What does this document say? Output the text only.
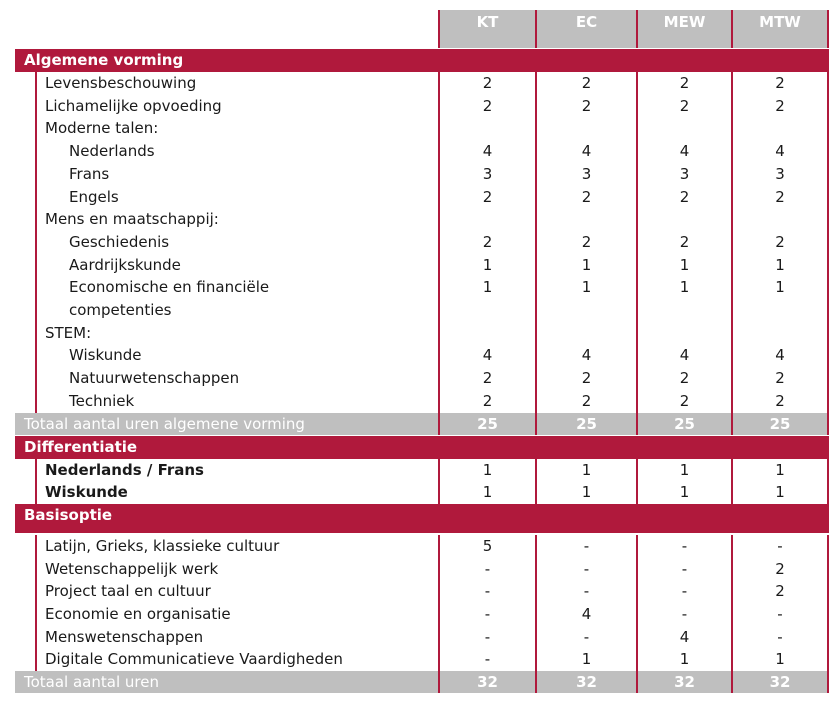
KT	EC	MEW	MTW
Algemene vorming
Levensbeschouwing	2	2	2	2
Lichamelijke opvoeding	2	2	2	2
Moderne talen:
Nederlands	4	4	4	4
Frans	3	3	3	3
Engels	2	2	2	2
Mens en maatschappij:
Geschiedenis	2	2	2	2
Aardrijkskunde	1	1	1	1
Economische en financiële	1	1	1	1
competenties
STEM:
Wiskunde	4	4	4	4
Natuurwetenschappen	2	2	2	2
Techniek	2	2	2	2
Totaal aantal uren algemene vorming	25	25	25	25
Differentiatie
Nederlands / Frans	1	1	1	1
Wiskunde	1	1	1	1
Basisoptie
Latijn, Grieks, klassieke cultuur	5	-	-	-
Wetenschappelijk werk	-	-	-	2
Project taal en cultuur	-	-	-	2
Economie en organisatie	-	4	-	-
Menswetenschappen	-	-	4	-
Digitale Communicatieve Vaardigheden	-	1	1	1
Totaal aantal uren	32	32	32	32
